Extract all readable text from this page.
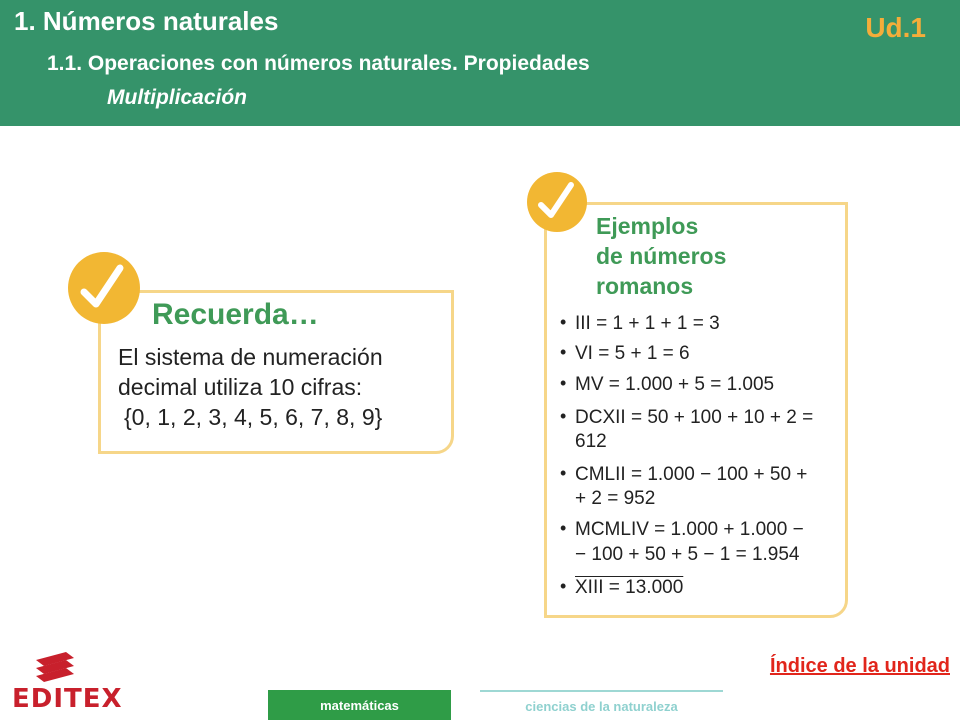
1. Números naturales
1.1. Operaciones con números naturales. Propiedades
Multiplicación
Ud.1
Recuerda…
El sistema de numeración
decimal utiliza 10 cifras:
{0, 1, 2, 3, 4, 5, 6, 7, 8, 9}
Ejemplos
de números
romanos
• III = 1 + 1 + 1 = 3
• VI = 5 + 1 = 6
• MV = 1.000 + 5 = 1.005
• DCXII = 50 + 100 + 10 + 2 =
612
• CMLII = 1.000 − 100 + 50 +
+ 2 = 952
• MCMLIV = 1.000 + 1.000 −
− 100 + 50 + 5 − 1 = 1.954
• XIII = 13.000
Índice de la unidad
EDITEX	matemáticas	ciencias de la naturaleza
